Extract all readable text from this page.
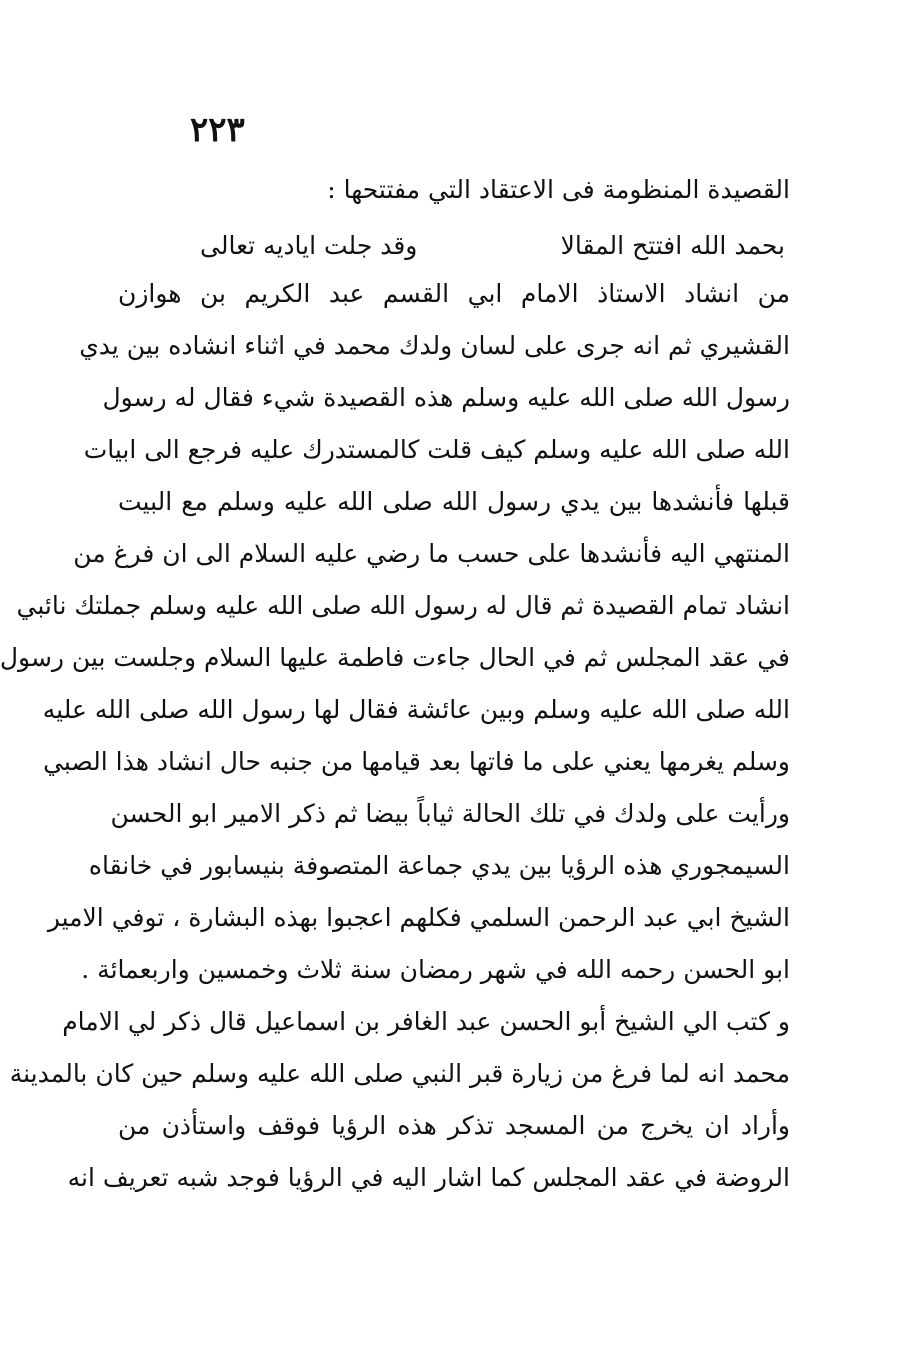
٢٢٣
القصيدة المنظومة فى الاعتقاد التي مفتتحها :
بحمد الله افتتح المقالا
وقد جلت اياديه تعالى
من انشاد الاستاذ الامام ابي القسم عبد الكريم بن هوازن
القشيري ثم انه جرى على لسان ولدك محمد في اثناء انشاده بين يدي
رسول الله صلى الله عليه وسلم هذه القصيدة شيء فقال له رسول
الله صلى الله عليه وسلم كيف قلت كالمستدرك عليه فرجع الى ابيات
قبلها فأنشدها بين يدي رسول الله صلى الله عليه وسلم مع البيت
المنتهي اليه فأنشدها على حسب ما رضي عليه السلام الى ان فرغ من
انشاد تمام القصيدة ثم قال له رسول الله صلى الله عليه وسلم جملتك نائبي
في عقد المجلس ثم في الحال جاءت فاطمة عليها السلام وجلست بين رسول
الله صلى الله عليه وسلم وبين عائشة فقال لها رسول الله صلى الله عليه
وسلم يغرمها يعني على ما فاتها بعد قيامها من جنبه حال انشاد هذا الصبي
ورأيت على ولدك في تلك الحالة ثياباً بيضا ثم ذكر الامير ابو الحسن
السيمجوري هذه الرؤيا بين يدي جماعة المتصوفة بنيسابور في خانقاه
الشيخ ابي عبد الرحمن السلمي فكلهم اعجبوا بهذه البشارة ، توفي الامير
ابو الحسن رحمه الله في شهر رمضان سنة ثلاث وخمسين واربعمائة .
و كتب الي الشيخ أبو الحسن عبد الغافر بن اسماعيل قال ذكر لي الامام
محمد انه لما فرغ من زيارة قبر النبي صلى الله عليه وسلم حين كان بالمدينة
وأراد ان يخرج من المسجد تذكر هذه الرؤيا فوقف واستأذن من
الروضة في عقد المجلس كما اشار اليه في الرؤيا فوجد شبه تعريف انه
